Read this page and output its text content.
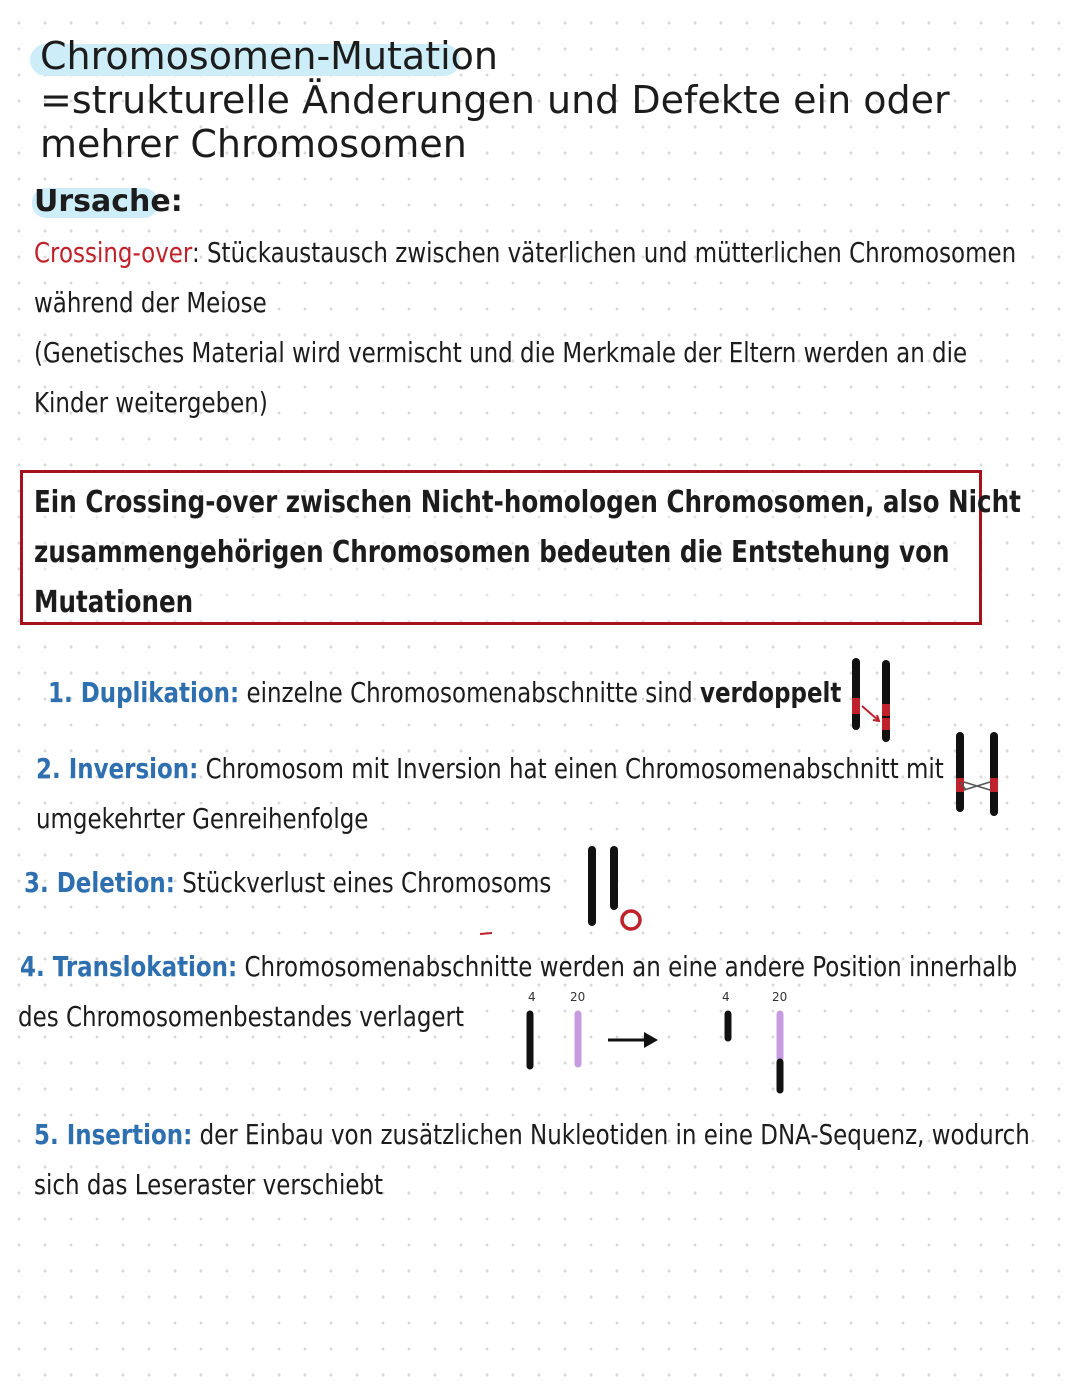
Chromosomen-Mutation
=strukturelle Änderungen und Defekte ein oder
mehrer Chromosomen
Ursache:
Crossing-over: Stückaustausch zwischen väterlichen und mütterlichen Chromosomen
während der Meiose
(Genetisches Material wird vermischt und die Merkmale der Eltern werden an die
Kinder weitergeben)
Ein Crossing-over zwischen Nicht-homologen Chromosomen, also Nicht
zusammengehörigen Chromosomen bedeuten die Entstehung von
Mutationen
1. Duplikation: einzelne Chromosomenabschnitte sind verdoppelt
2. Inversion: Chromosom mit Inversion hat einen Chromosomenabschnitt mit
umgekehrter Genreihenfolge
3. Deletion: Stückverlust eines Chromosoms
4. Translokation: Chromosomenabschnitte werden an eine andere Position innerhalb
des Chromosomenbestandes verlagert
4	20	4	20
5. Insertion: der Einbau von zusätzlichen Nukleotiden in eine DNA-Sequenz, wodurch
sich das Leseraster verschiebt
